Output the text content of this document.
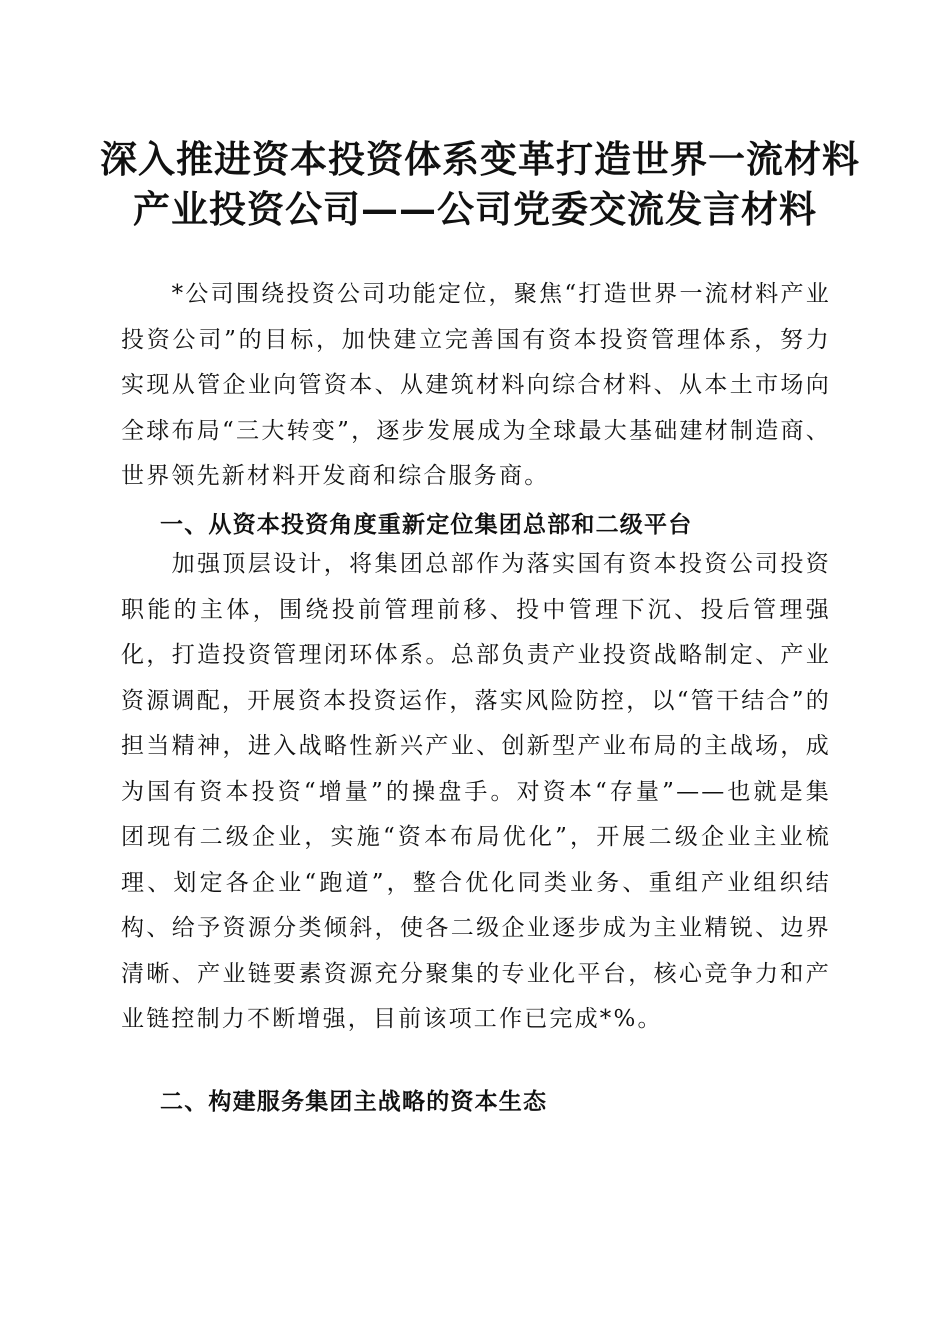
深入推进资本投资体系变革打造世界一流材料
产业投资公司——公司党委交流发言材料

*公司围绕投资公司功能定位，聚焦“打造世界一流材料产业投资公司”的目标，加快建立完善国有资本投资管理体系，努力实现从管企业向管资本、从建筑材料向综合材料、从本土市场向全球布局“三大转变”，逐步发展成为全球最大基础建材制造商、世界领先新材料开发商和综合服务商。

一、从资本投资角度重新定位集团总部和二级平台

加强顶层设计，将集团总部作为落实国有资本投资公司投资职能的主体，围绕投前管理前移、投中管理下沉、投后管理强化，打造投资管理闭环体系。总部负责产业投资战略制定、产业资源调配，开展资本投资运作，落实风险防控，以“管干结合”的担当精神，进入战略性新兴产业、创新型产业布局的主战场，成为国有资本投资“增量”的操盘手。对资本“存量”——也就是集团现有二级企业，实施“资本布局优化”，开展二级企业主业梳理、划定各企业“跑道”，整合优化同类业务、重组产业组织结构、给予资源分类倾斜，使各二级企业逐步成为主业精锐、边界清晰、产业链要素资源充分聚集的专业化平台，核心竞争力和产业链控制力不断增强，目前该项工作已完成*%。

二、构建服务集团主战略的资本生态
